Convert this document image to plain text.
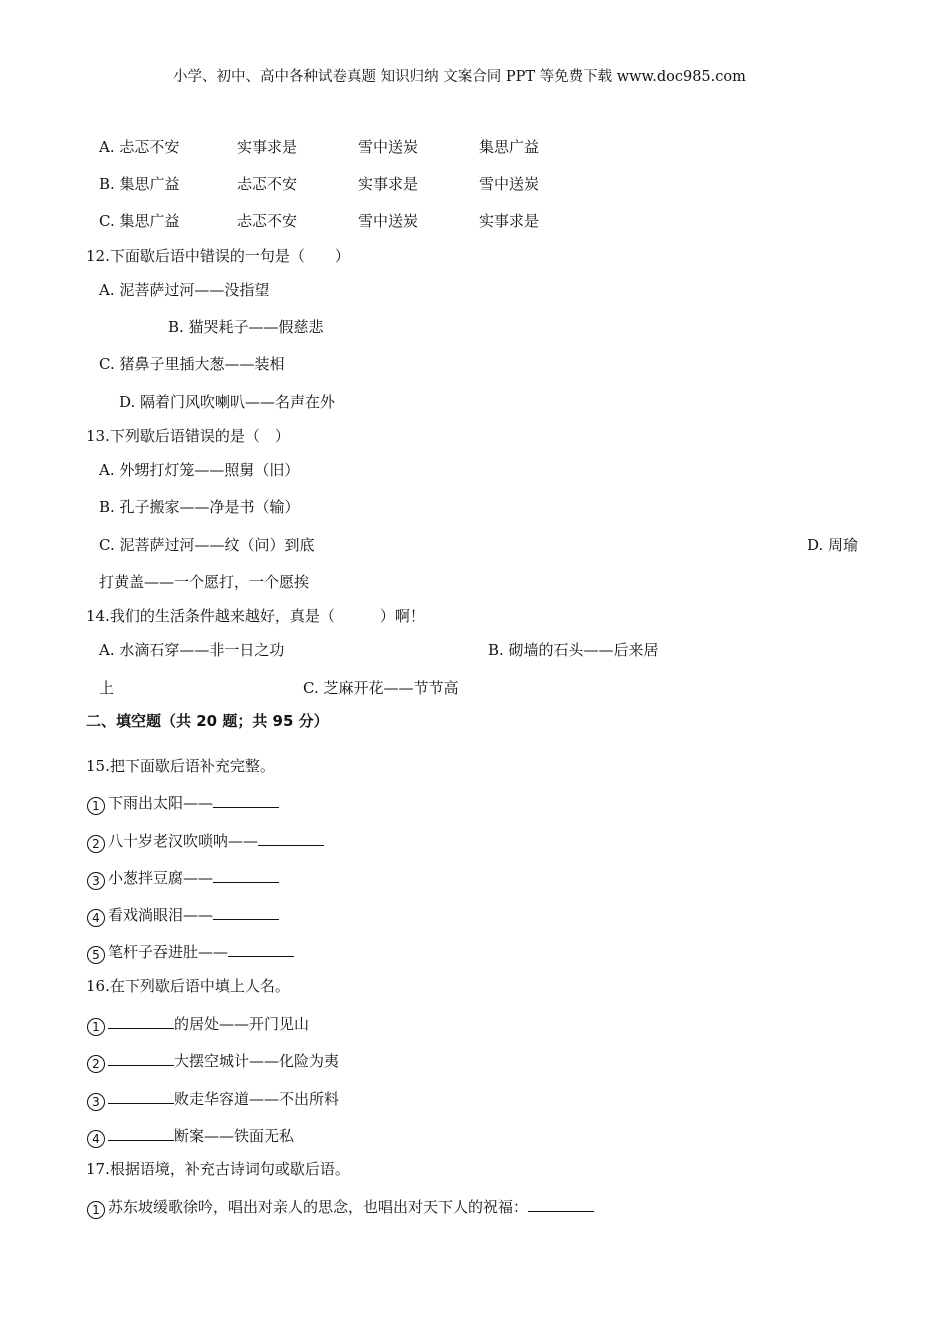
小学、初中、高中各种试卷真题 知识归纳 文案合同 PPT 等免费下载 www.doc985.com
A. 忐忑不安	实事求是	雪中送炭	集思广益
B. 集思广益	忐忑不安	实事求是	雪中送炭
C. 集思广益	忐忑不安	雪中送炭	实事求是
12.下面歇后语中错误的一句是（　　）
A. 泥菩萨过河——没指望
B. 猫哭耗子——假慈悲
C. 猪鼻子里插大葱——装相
D. 隔着门风吹喇叭——名声在外
13.下列歇后语错误的是（　）
A. 外甥打灯笼——照舅（旧）
B. 孔子搬家——净是书（输）
C. 泥菩萨过河——纹（问）到底	D. 周瑜
打黄盖——一个愿打，一个愿挨
14.我们的生活条件越来越好，真是（　　　）啊！
A. 水滴石穿——非一日之功	B. 砌墙的石头——后来居
上	C. 芝麻开花——节节高
二、填空题（共 20 题；共 95 分）
15.把下面歇后语补充完整。
1 下雨出太阳——
2 八十岁老汉吹唢呐——
3 小葱拌豆腐——
4 看戏淌眼泪——
5 笔杆子吞进肚——
16.在下列歇后语中填上人名。
1	的居处——开门见山
2	大摆空城计——化险为夷
3	败走华容道——不出所料
4	断案——铁面无私
17.根据语境，补充古诗词句或歇后语。
1 苏东坡缓歌徐吟，唱出对亲人的思念，也唱出对天下人的祝福：
